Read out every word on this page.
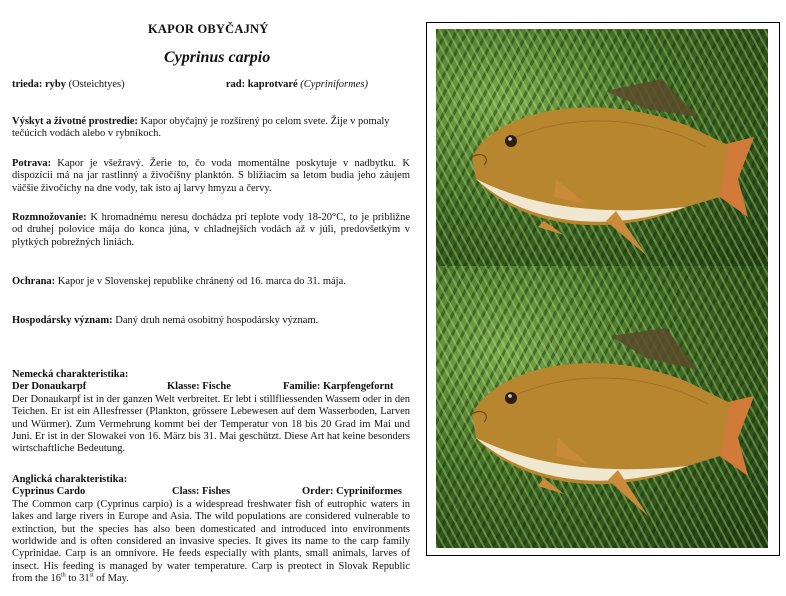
KAPOR OBYČAJNÝ
Cyprinus carpio
trieda: ryby (Osteichtyes)	rad: kaprotvaré (Cypriniformes)
Výskyt a životné prostredie: Kapor obyčajný je rozšírený po celom svete. Žije v pomaly tečúcich vodách alebo v rybníkoch.
Potrava: Kapor je všežravý. Žerie to, čo voda momentálne poskytuje v nadbytku. K dispozícii má na jar rastlinný a živočíšny planktón. S blížiacim sa letom budia jeho záujem väčšie živočíchy na dne vody, tak isto aj larvy hmyzu a červy.
Rozmnožovanie: K hromadnému neresu dochádza pri teplote vody 18-20°C, to je približne od druhej polovice mája do konca júna, v chladnejších vodách až v júli, predovšetkým v plytkých pobrežných líniách.
Ochrana: Kapor je v Slovenskej republike chránený od 16. marca do 31. mája.
Hospodársky význam: Daný druh nemá osobitný hospodársky význam.
Nemecká charakteristika:
Der Donaukarpf	Klasse: Fische	Familie: Karpfengefornt
Der Donaukarpf ist in der ganzen Welt verbreitet. Er lebt i stillfliessenden Wassem oder in den Teichen. Er ist ein Allesfresser (Plankton, grössere Lebewesen auf dem Wasserboden, Larven und Würmer). Zum Vermehrung kommt bei der Temperatur von 18 bis 20 Grad im Mai und Juni. Er ist in der Slowakei von 16. März bis 31. Mai geschützt. Diese Art hat keine besonders wirtschaftliche Bedeutung.
Anglická charakteristika:
Cyprinus Cardo	Class: Fishes	Order: Cypriniformes
The Common carp (Cyprinus carpio) is a widespread freshwater fish of eutrophic waters in lakes and large rivers in Europe and Asia. The wild populations are considered vulnerable to extinction, but the species has also been domesticated and introduced into environments worldwide and is often considered an invasive species. It gives its name to the carp family Cyprinidae. Carp is an omnivore. He feeds especially with plants, small animals, larves of insect. His feeding is managed by water temperature. Carp is preotect in Slovak Republic from the 16th to 31st of May.
